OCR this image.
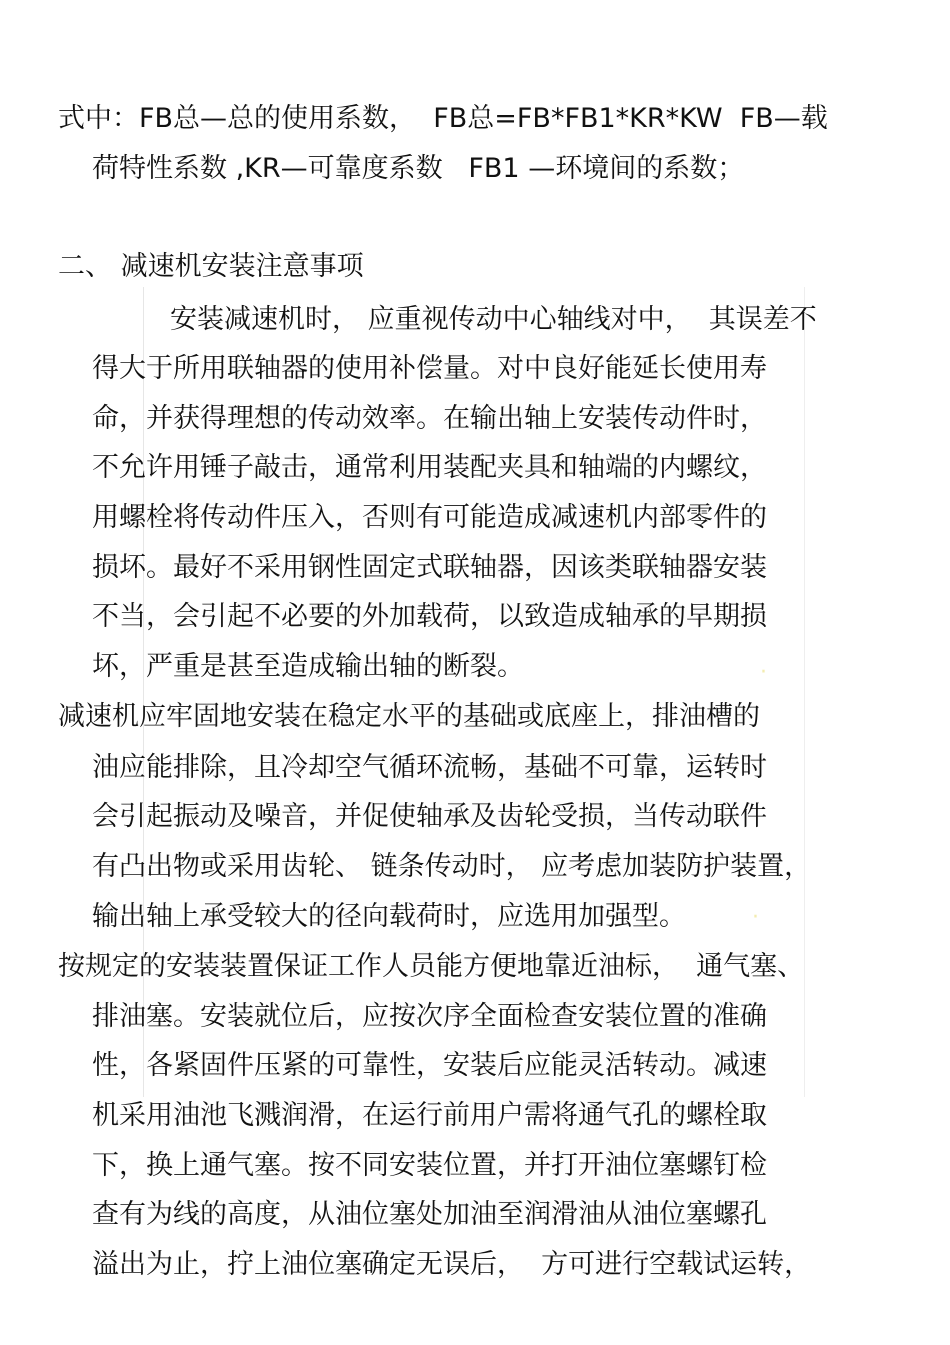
·
·
式中：FB总—总的使用系数，  FB总=FB*FB1*KR*KW  FB—载
荷特性系数 ,KR—可靠度系数   FB1 —环境间的系数；
二、 减速机安装注意事项
安装减速机时， 应重视传动中心轴线对中，  其误差不
得大于所用联轴器的使用补偿量。对中良好能延长使用寿
命，并获得理想的传动效率。在输出轴上安装传动件时，
不允许用锤子敲击，通常利用装配夹具和轴端的内螺纹，
用螺栓将传动件压入，否则有可能造成减速机内部零件的
损坏。最好不采用钢性固定式联轴器，因该类联轴器安装
不当，会引起不必要的外加载荷，以致造成轴承的早期损
坏，严重是甚至造成输出轴的断裂。
减速机应牢固地安装在稳定水平的基础或底座上，排油槽的
油应能排除，且冷却空气循环流畅，基础不可靠，运转时
会引起振动及噪音，并促使轴承及齿轮受损，当传动联件
有凸出物或采用齿轮、 链条传动时， 应考虑加装防护装置，
输出轴上承受较大的径向载荷时，应选用加强型。
按规定的安装装置保证工作人员能方便地靠近油标，  通气塞、
排油塞。安装就位后，应按次序全面检查安装位置的准确
性，各紧固件压紧的可靠性，安装后应能灵活转动。减速
机采用油池飞溅润滑，在运行前用户需将通气孔的螺栓取
下，换上通气塞。按不同安装位置，并打开油位塞螺钉检
查有为线的高度，从油位塞处加油至润滑油从油位塞螺孔
溢出为止，拧上油位塞确定无误后，  方可进行空载试运转，
